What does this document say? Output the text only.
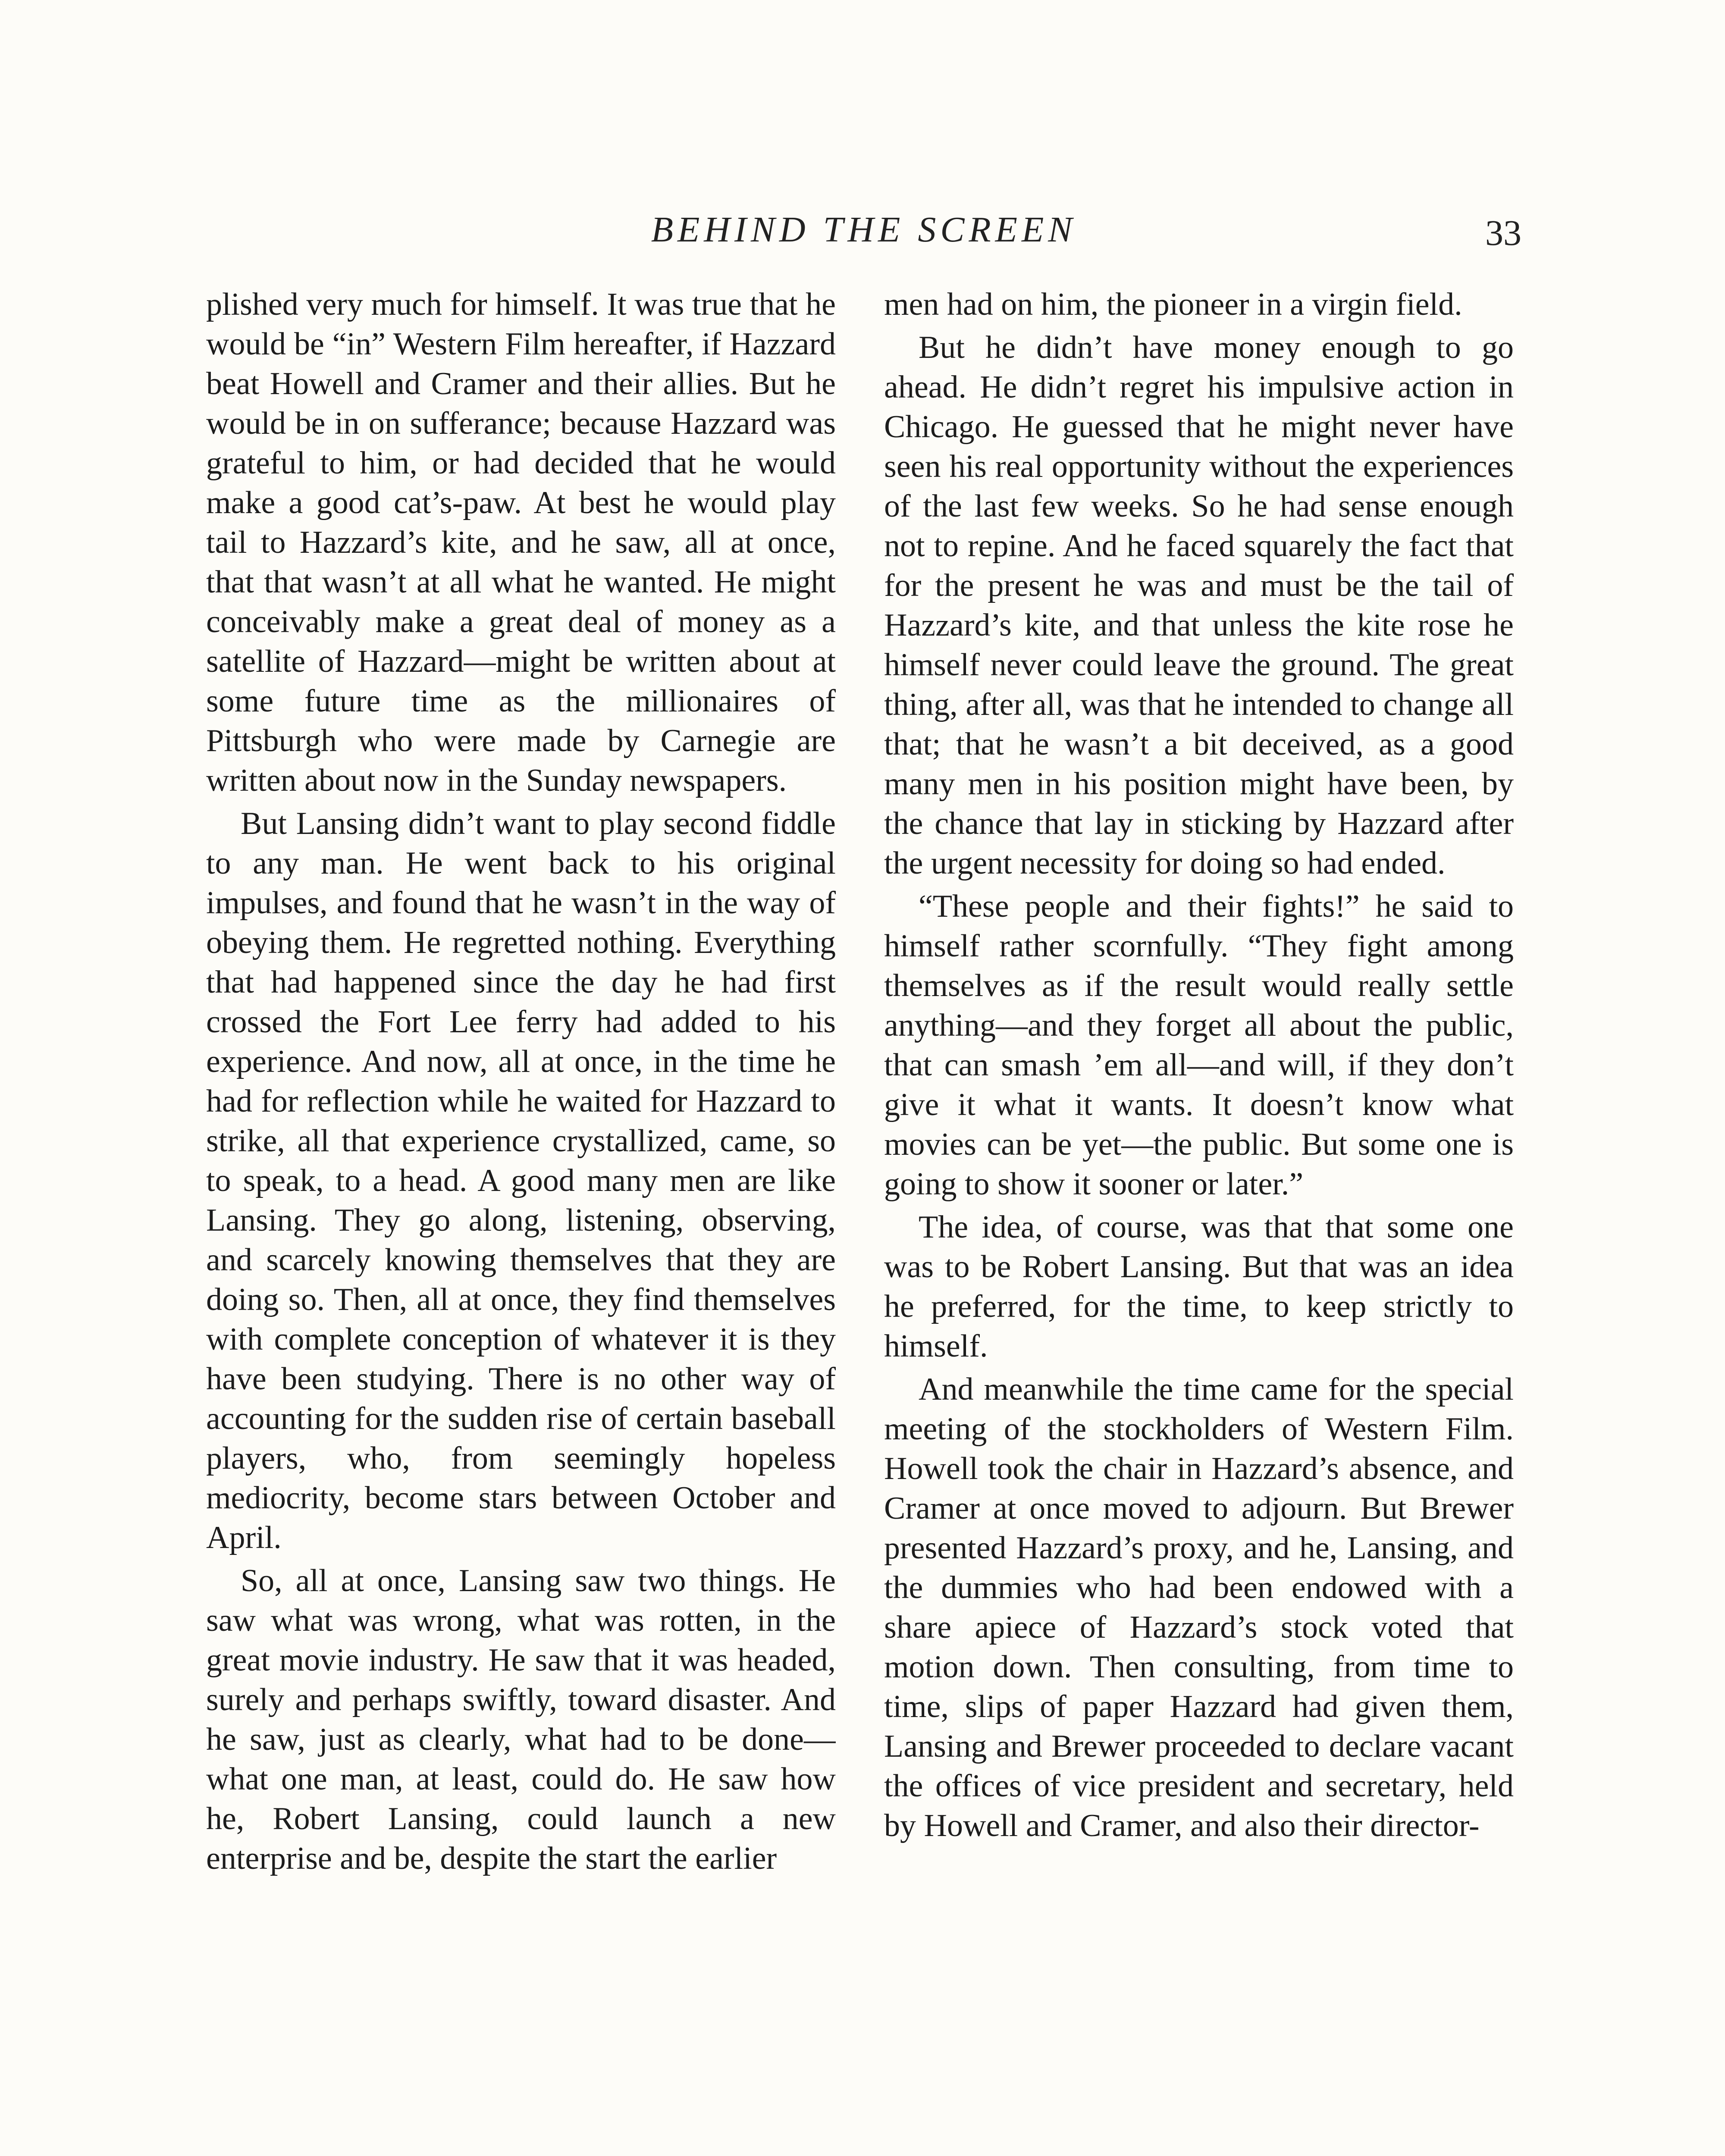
BEHIND THE SCREEN	33

plished very much for himself. It was true that he would be “in” Western Film hereafter, if Hazzard beat Howell and Cramer and their allies. But he would be in on sufferance; because Hazzard was grateful to him, or had decided that he would make a good cat’s-paw. At best he would play tail to Hazzard’s kite, and he saw, all at once, that that wasn’t at all what he wanted. He might conceivably make a great deal of money as a satellite of Hazzard—might be written about at some future time as the millionaires of Pittsburgh who were made by Carnegie are written about now in the Sunday newspapers.

But Lansing didn’t want to play second fiddle to any man. He went back to his original impulses, and found that he wasn’t in the way of obeying them. He regretted nothing. Everything that had happened since the day he had first crossed the Fort Lee ferry had added to his experience. And now, all at once, in the time he had for reflection while he waited for Hazzard to strike, all that experience crystallized, came, so to speak, to a head. A good many men are like Lansing. They go along, listening, observing, and scarcely knowing themselves that they are doing so. Then, all at once, they find themselves with complete conception of whatever it is they have been studying. There is no other way of accounting for the sudden rise of certain baseball players, who, from seemingly hopeless mediocrity, become stars between October and April.

So, all at once, Lansing saw two things. He saw what was wrong, what was rotten, in the great movie industry. He saw that it was headed, surely and perhaps swiftly, toward disaster. And he saw, just as clearly, what had to be done—what one man, at least, could do. He saw how he, Robert Lansing, could launch a new enterprise and be, despite the start the earlier

men had on him, the pioneer in a virgin field.

But he didn’t have money enough to go ahead. He didn’t regret his impulsive action in Chicago. He guessed that he might never have seen his real opportunity without the experiences of the last few weeks. So he had sense enough not to repine. And he faced squarely the fact that for the present he was and must be the tail of Hazzard’s kite, and that unless the kite rose he himself never could leave the ground. The great thing, after all, was that he intended to change all that; that he wasn’t a bit deceived, as a good many men in his position might have been, by the chance that lay in sticking by Hazzard after the urgent necessity for doing so had ended.

“These people and their fights!” he said to himself rather scornfully. “They fight among themselves as if the result would really settle anything—and they forget all about the public, that can smash ’em all—and will, if they don’t give it what it wants. It doesn’t know what movies can be yet—the public. But some one is going to show it sooner or later.”

The idea, of course, was that that some one was to be Robert Lansing. But that was an idea he preferred, for the time, to keep strictly to himself.

And meanwhile the time came for the special meeting of the stockholders of Western Film. Howell took the chair in Hazzard’s absence, and Cramer at once moved to adjourn. But Brewer presented Hazzard’s proxy, and he, Lansing, and the dummies who had been endowed with a share apiece of Hazzard’s stock voted that motion down. Then consulting, from time to time, slips of paper Hazzard had given them, Lansing and Brewer proceeded to declare vacant the offices of vice president and secretary, held by Howell and Cramer, and also their director-
